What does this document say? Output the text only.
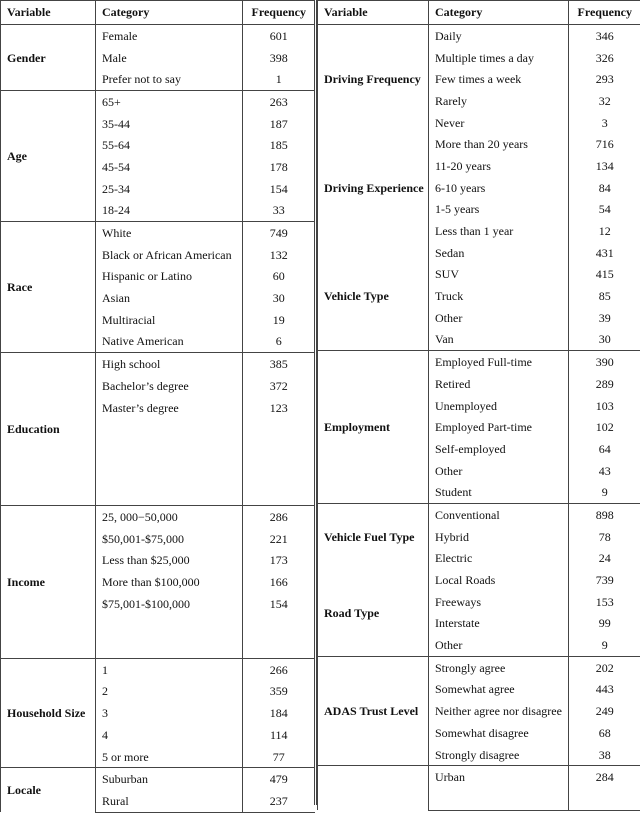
Variable	Category	Frequency
Gender	Female	601
	Male	398
	Prefer not to say	1
Age	65+	263
	35-44	187
	55-64	185
	45-54	178
	25-34	154
	18-24	33
Race	White	749
	Black or African American	132
	Hispanic or Latino	60
	Asian	30
	Multiracial	19
	Native American	6
Education	High school	385
	Bachelor’s degree	372
	Master’s degree	123

Income	25, 000−50,000	286
	$50,001-$75,000	221
	Less than $25,000	173
	More than $100,000	166
	$75,001-$100,000	154

Household Size	1	266
	2	359
	3	184
	4	114
	5 or more	77
Locale	Suburban	479
	Rural	237
Variable	Category	Frequency
Driving Frequency	Daily	346
	Multiple times a day	326
	Few times a week	293
	Rarely	32
	Never	3
Driving Experience	More than 20 years	716
	11-20 years	134
	6-10 years	84
	1-5 years	54
	Less than 1 year	12
Vehicle Type	Sedan	431
	SUV	415
	Truck	85
	Other	39
	Van	30
Employment	Employed Full-time	390
	Retired	289
	Unemployed	103
	Employed Part-time	102
	Self-employed	64
	Other	43
	Student	9
Vehicle Fuel Type	Conventional	898
	Hybrid	78
	Electric	24
Road Type	Local Roads	739
	Freeways	153
	Interstate	99
	Other	9
ADAS Trust Level	Strongly agree	202
	Somewhat agree	443
	Neither agree nor disagree	249
	Somewhat disagree	68
	Strongly disagree	38
	Urban	284
